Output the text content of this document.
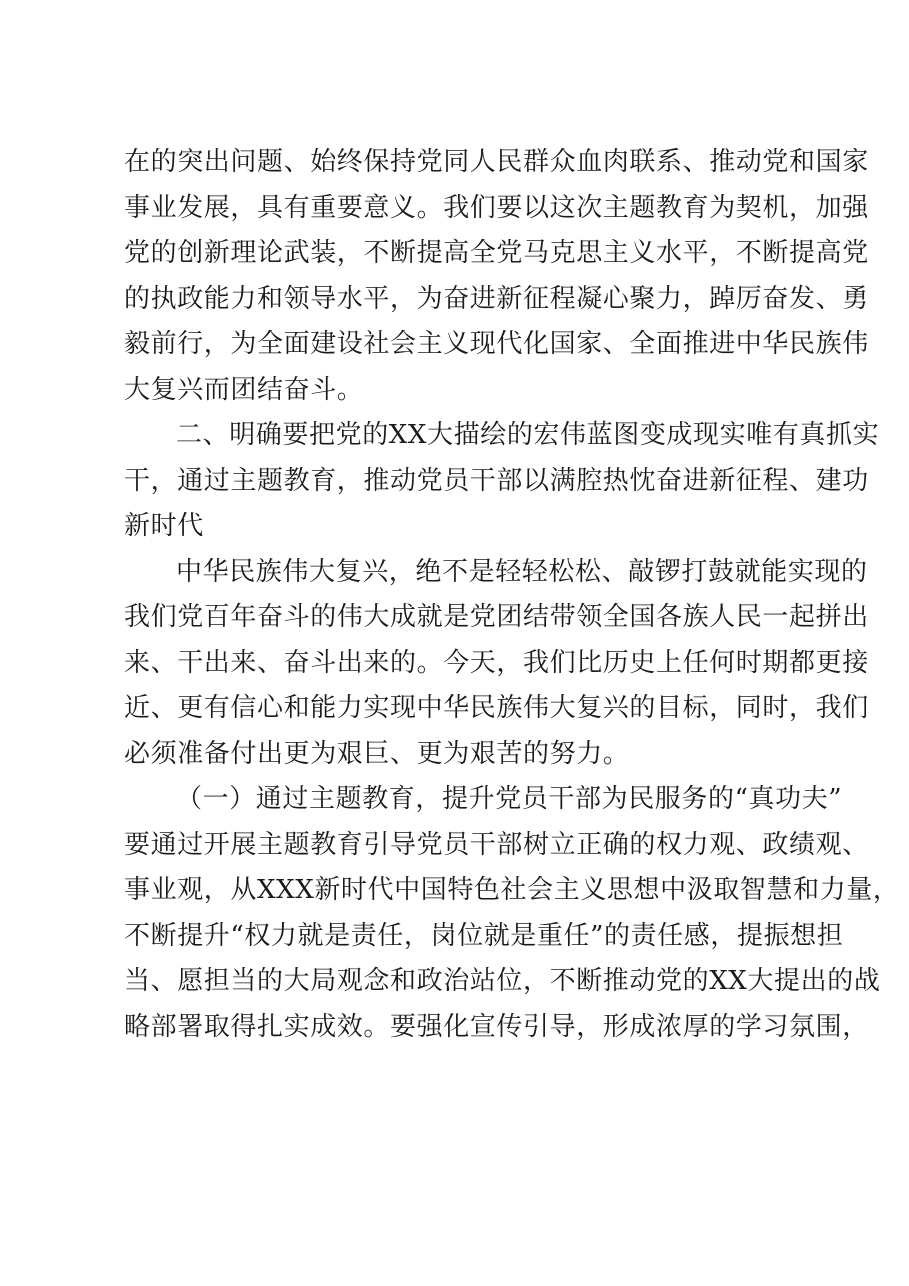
在的突出问题、始终保持党同人民群众血肉联系、推动党和国家
事业发展，具有重要意义。我们要以这次主题教育为契机，加强
党的创新理论武装，不断提高全党马克思主义水平，不断提高党
的执政能力和领导水平，为奋进新征程凝心聚力，踔厉奋发、勇
毅前行，为全面建设社会主义现代化国家、全面推进中华民族伟
大复兴而团结奋斗。

二、明确要把党的XX大描绘的宏伟蓝图变成现实唯有真抓实
干，通过主题教育，推动党员干部以满腔热忱奋进新征程、建功
新时代

中华民族伟大复兴，绝不是轻轻松松、敲锣打鼓就能实现的
我们党百年奋斗的伟大成就是党团结带领全国各族人民一起拼出
来、干出来、奋斗出来的。今天，我们比历史上任何时期都更接
近、更有信心和能力实现中华民族伟大复兴的目标，同时，我们
必须准备付出更为艰巨、更为艰苦的努力。

（一）通过主题教育，提升党员干部为民服务的“真功夫”
要通过开展主题教育引导党员干部树立正确的权力观、政绩观、
事业观，从XXX新时代中国特色社会主义思想中汲取智慧和力量，
不断提升“权力就是责任，岗位就是重任”的责任感，提振想担
当、愿担当的大局观念和政治站位，不断推动党的XX大提出的战
略部署取得扎实成效。要强化宣传引导，形成浓厚的学习氛围，
